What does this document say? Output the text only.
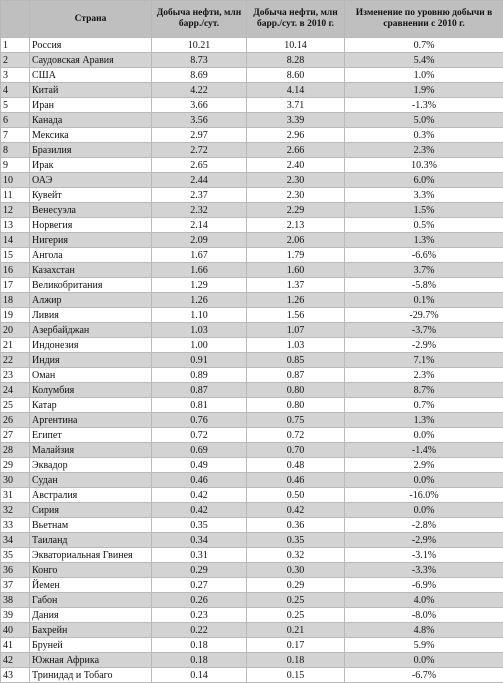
	Страна	Добыча нефти, млн барр./сут.	Добыча нефти, млн барр./сут. в 2010 г.	Изменение по уровню добычи в сравнении с 2010 г.
1	Россия	10.21	10.14	0.7%
2	Саудовская Аравия	8.73	8.28	5.4%
3	США	8.69	8.60	1.0%
4	Китай	4.22	4.14	1.9%
5	Иран	3.66	3.71	-1.3%
6	Канада	3.56	3.39	5.0%
7	Мексика	2.97	2.96	0.3%
8	Бразилия	2.72	2.66	2.3%
9	Ирак	2.65	2.40	10.3%
10	ОАЭ	2.44	2.30	6.0%
11	Кувейт	2.37	2.30	3.3%
12	Венесуэла	2.32	2.29	1.5%
13	Норвегия	2.14	2.13	0.5%
14	Нигерия	2.09	2.06	1.3%
15	Ангола	1.67	1.79	-6.6%
16	Казахстан	1.66	1.60	3.7%
17	Великобритания	1.29	1.37	-5.8%
18	Алжир	1.26	1.26	0.1%
19	Ливия	1.10	1.56	-29.7%
20	Азербайджан	1.03	1.07	-3.7%
21	Индонезия	1.00	1.03	-2.9%
22	Индия	0.91	0.85	7.1%
23	Оман	0.89	0.87	2.3%
24	Колумбия	0.87	0.80	8.7%
25	Катар	0.81	0.80	0.7%
26	Аргентина	0.76	0.75	1.3%
27	Египет	0.72	0.72	0.0%
28	Малайзия	0.69	0.70	-1.4%
29	Эквадор	0.49	0.48	2.9%
30	Судан	0.46	0.46	0.0%
31	Австралия	0.42	0.50	-16.0%
32	Сирия	0.42	0.42	0.0%
33	Вьетнам	0.35	0.36	-2.8%
34	Таиланд	0.34	0.35	-2.9%
35	Экваториальная Гвинея	0.31	0.32	-3.1%
36	Конго	0.29	0.30	-3.3%
37	Йемен	0.27	0.29	-6.9%
38	Габон	0.26	0.25	4.0%
39	Дания	0.23	0.25	-8.0%
40	Бахрейн	0.22	0.21	4.8%
41	Бруней	0.18	0.17	5.9%
42	Южная Африка	0.18	0.18	0.0%
43	Тринидад и Тобаго	0.14	0.15	-6.7%
